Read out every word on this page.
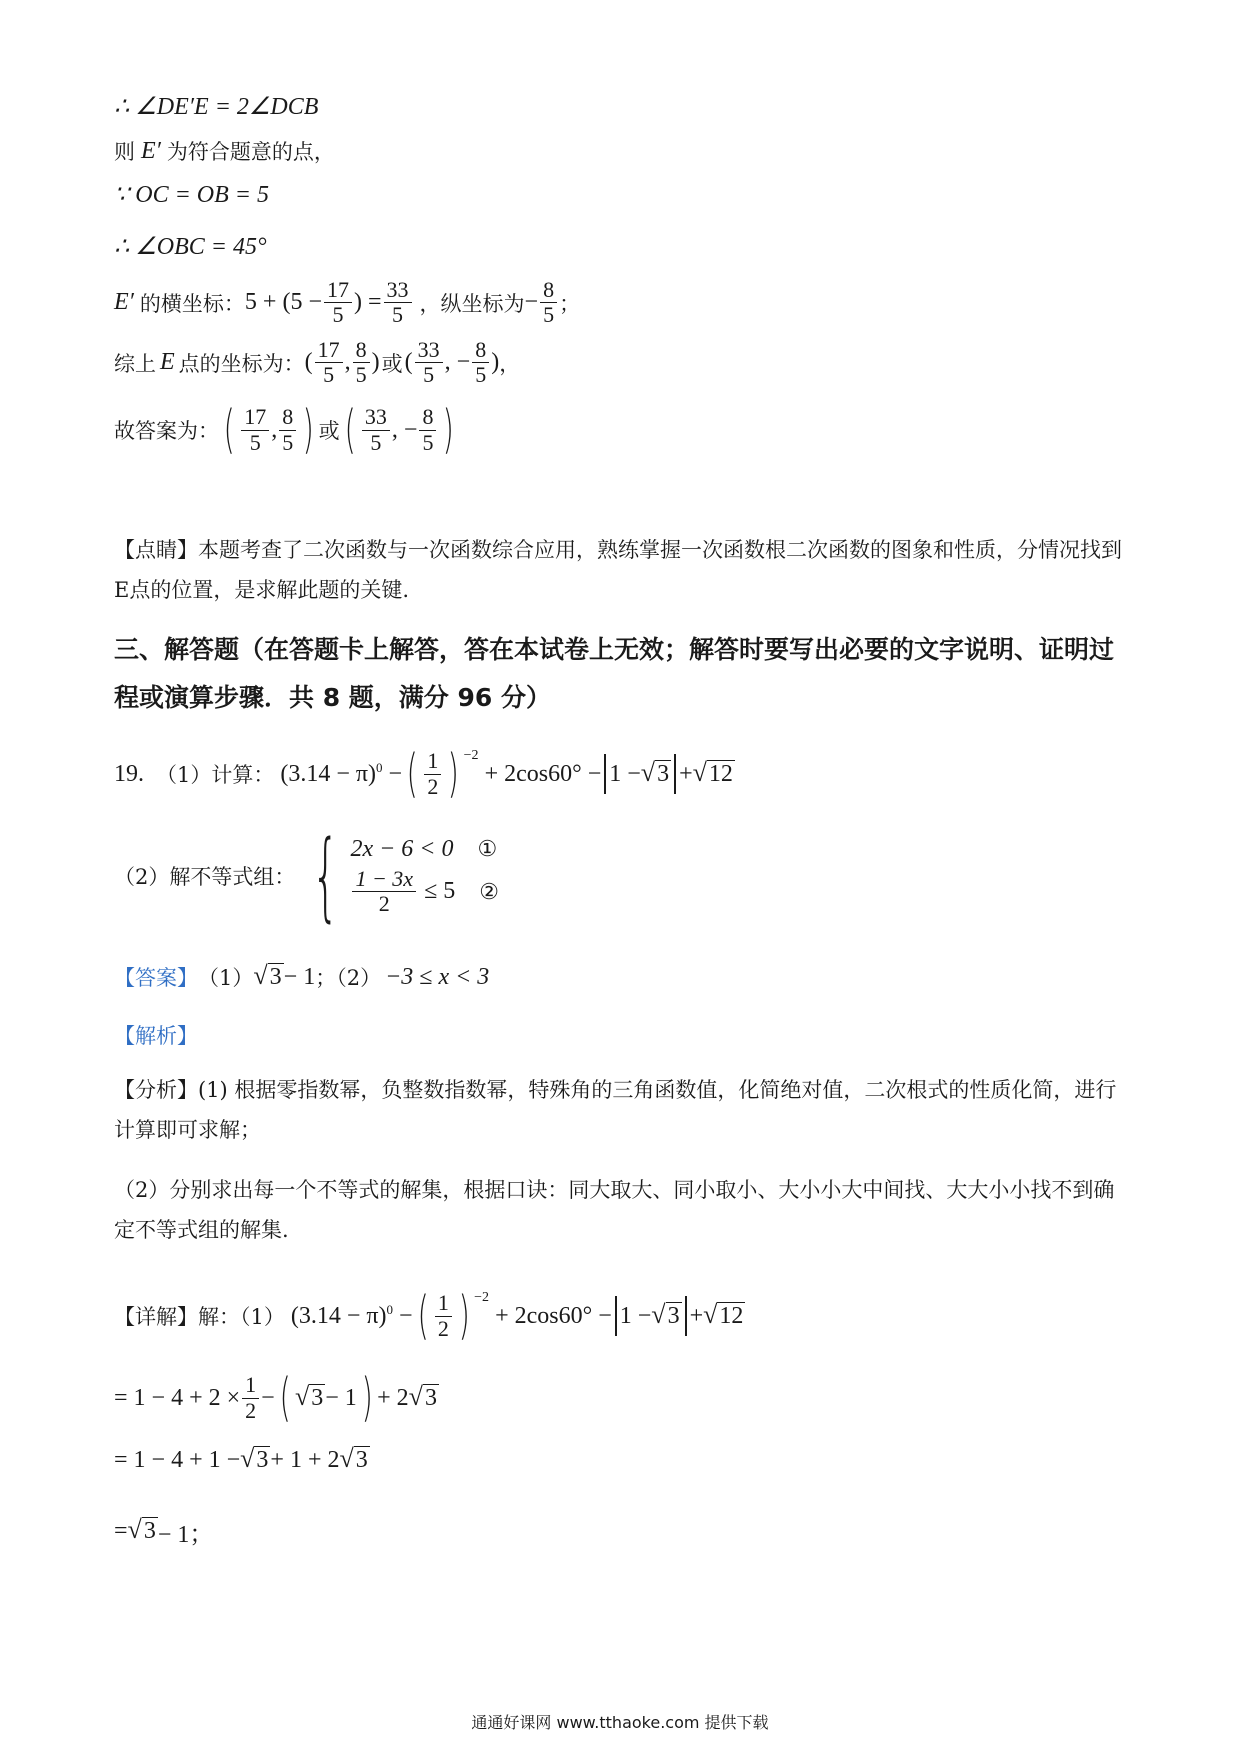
∴ ∠DE′E = 2∠DCB
则 E′ 为符合题意的点，
∵ OC = OB = 5
∴ ∠OBC = 45°
E′ 的横坐标： $5 + (5 - \frac{17}{5}$ ) = $\frac{33}{5}$ ， 纵坐标为 − $\frac{8}{5}$ ；
综上 E 点的坐标为： ( $\frac{17}{5}$ , $\frac{8}{5}$ ) 或 ( $\frac{33}{5}$ , − $\frac{8}{5}$ ) ，
故答案为： ( $\frac{17}{5}$ , $\frac{8}{5}$ ) 或 ( $\frac{33}{5}$ , − $\frac{8}{5}$ )
【点睛】本题考查了二次函数与一次函数综合应用，熟练掌握一次函数根二次函数的图象和性质，分情况找到E点的位置，是求解此题的关键.
三、解答题（在答题卡上解答，答在本试卷上无效；解答时要写出必要的文字说明、证明过程或演算步骤．共 8 题，满分 96 分）
19. （1）计算： $(3.14 - \pi)^0$ − ( $\frac{1}{2}$ ) −2
+ 2cos60° − 1 − √ 3 + √ 12
（2）解不等式组： { 2x − 6 < 0 ①
$\frac{1 - 3x}{2} \le 5$ ②
【答案】 （1） √ 3 − 1 ；（2） −3 ≤ x < 3
【解析】
【分析】(1) 根据零指数幂，负整数指数幂，特殊角的三角函数值，化简绝对值，二次根式的性质化简，进行计算即可求解；
（2）分别求出每一个不等式的解集，根据口诀：同大取大、同小取小、大小小大中间找、大大小小找不到确定不等式组的解集.
【详解】 解：（1） $(3.14 - \pi)^0$ − ( $\frac{1}{2}$ ) −2
+ 2cos60° − 1 − √ 3 + √ 12
= $1 - 4 + 2 \times \frac{1}{2}$ − ( √ 3 − 1 ) + 2 √ 3
= 1 − 4 + 1 − √ 3 + 1 + 2 √ 3
= √ 3 − 1；
通通好课网 www.tthaoke.com 提供下载
